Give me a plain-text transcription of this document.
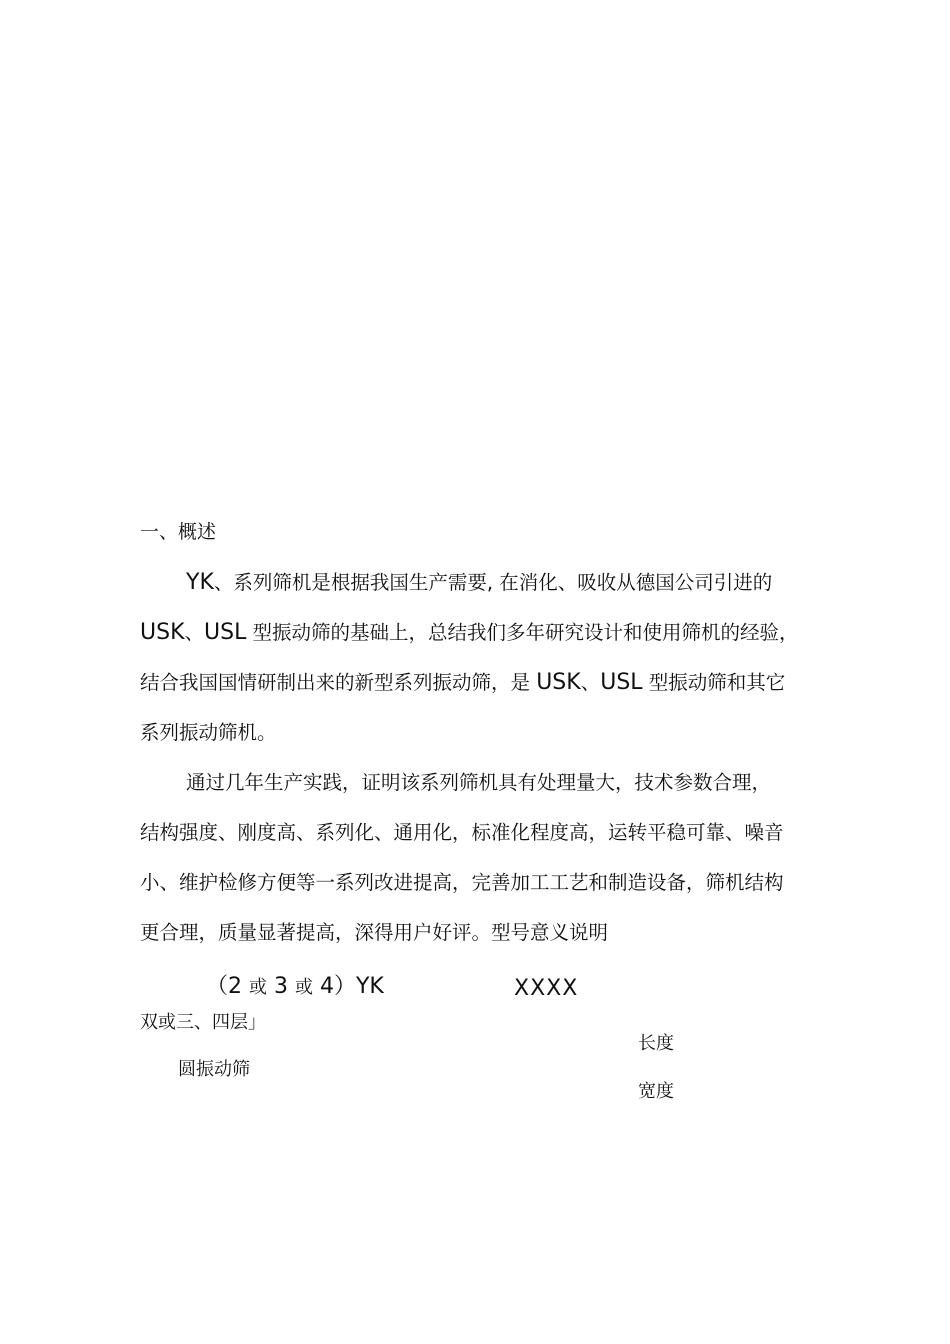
一、概述
YK、系列筛机是根据我国生产需要, 在消化、吸收从德国公司引进的
USK、USL 型振动筛的基础上，总结我们多年研究设计和使用筛机的经验，
结合我国国情研制出来的新型系列振动筛，是 USK、USL 型振动筛和其它
系列振动筛机。
通过几年生产实践，证明该系列筛机具有处理量大，技术参数合理，
结构强度、刚度高、系列化、通用化，标准化程度高，运转平稳可靠、噪音
小、维护检修方便等一系列改进提高，完善加工工艺和制造设备，筛机结构
更合理，质量显著提高，深得用户好评。型号意义说明
（2 或 3 或 4）YK	XXXX
双或三、四层」
长度
圆振动筛
宽度
